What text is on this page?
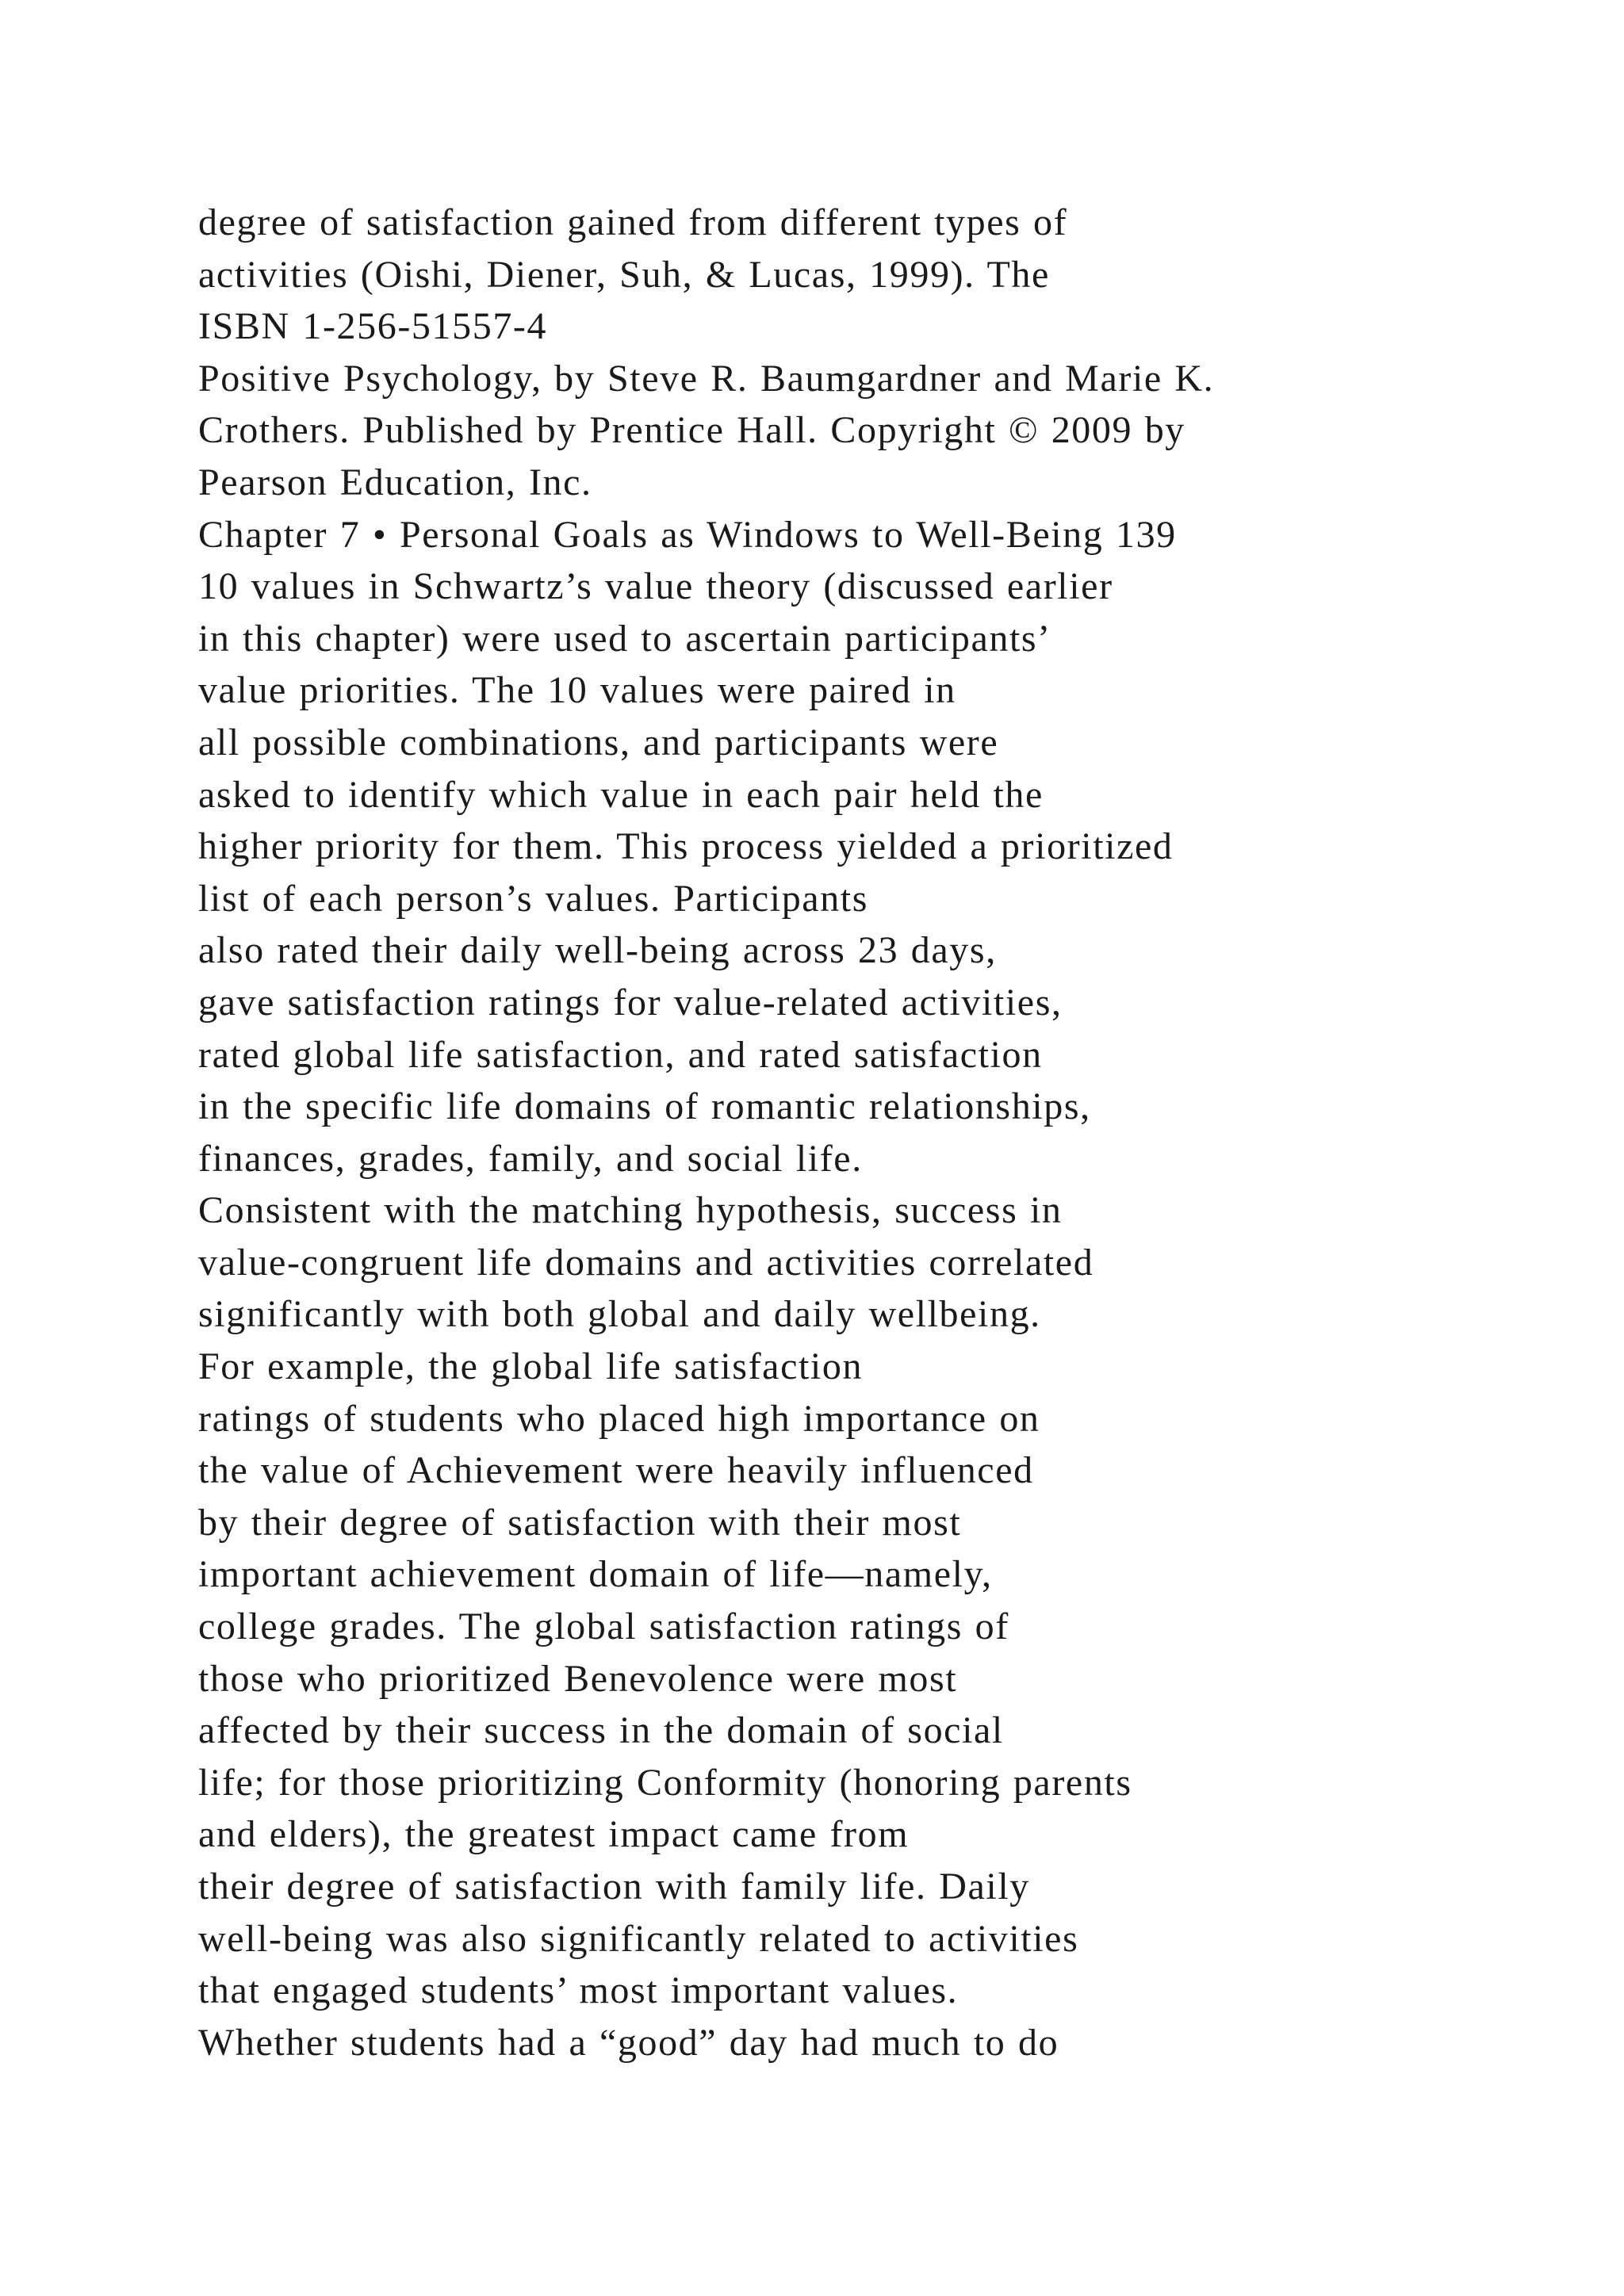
degree of satisfaction gained from different types of
activities (Oishi, Diener, Suh, & Lucas, 1999). The
ISBN 1-256-51557-4
Positive Psychology, by Steve R. Baumgardner and Marie K.
Crothers. Published by Prentice Hall. Copyright © 2009 by
Pearson Education, Inc.
Chapter 7 • Personal Goals as Windows to Well-Being 139
10 values in Schwartz’s value theory (discussed earlier
in this chapter) were used to ascertain participants’
value priorities. The 10 values were paired in
all possible combinations, and participants were
asked to identify which value in each pair held the
higher priority for them. This process yielded a prioritized
list of each person’s values. Participants
also rated their daily well-being across 23 days,
gave satisfaction ratings for value-related activities,
rated global life satisfaction, and rated satisfaction
in the specific life domains of romantic relationships,
finances, grades, family, and social life.
Consistent with the matching hypothesis, success in
value-congruent life domains and activities correlated
significantly with both global and daily wellbeing.
For example, the global life satisfaction
ratings of students who placed high importance on
the value of Achievement were heavily influenced
by their degree of satisfaction with their most
important achievement domain of life—namely,
college grades. The global satisfaction ratings of
those who prioritized Benevolence were most
affected by their success in the domain of social
life; for those prioritizing Conformity (honoring parents
and elders), the greatest impact came from
their degree of satisfaction with family life. Daily
well-being was also significantly related to activities
that engaged students’ most important values.
Whether students had a “good” day had much to do
